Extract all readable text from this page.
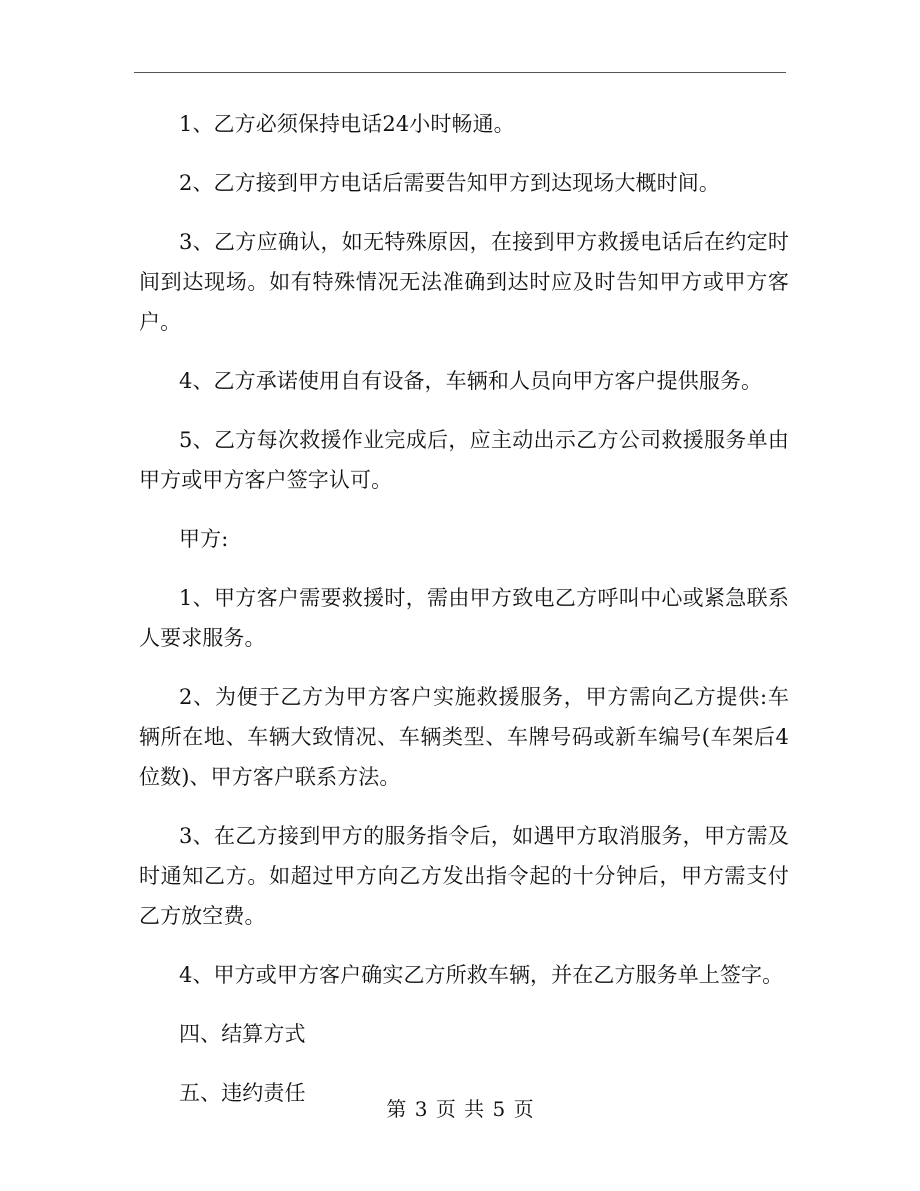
1、乙方必须保持电话24小时畅通。

2、乙方接到甲方电话后需要告知甲方到达现场大概时间。

3、乙方应确认，如无特殊原因，在接到甲方救援电话后在约定时间到达现场。如有特殊情况无法准确到达时应及时告知甲方或甲方客户。

4、乙方承诺使用自有设备，车辆和人员向甲方客户提供服务。

5、乙方每次救援作业完成后，应主动出示乙方公司救援服务单由甲方或甲方客户签字认可。

甲方:

1、甲方客户需要救援时，需由甲方致电乙方呼叫中心或紧急联系人要求服务。

2、为便于乙方为甲方客户实施救援服务，甲方需向乙方提供:车辆所在地、车辆大致情况、车辆类型、车牌号码或新车编号(车架后4位数)、甲方客户联系方法。

3、在乙方接到甲方的服务指令后，如遇甲方取消服务，甲方需及时通知乙方。如超过甲方向乙方发出指令起的十分钟后，甲方需支付乙方放空费。

4、甲方或甲方客户确实乙方所救车辆，并在乙方服务单上签字。

四、结算方式

五、违约责任

第 3 页 共 5 页
